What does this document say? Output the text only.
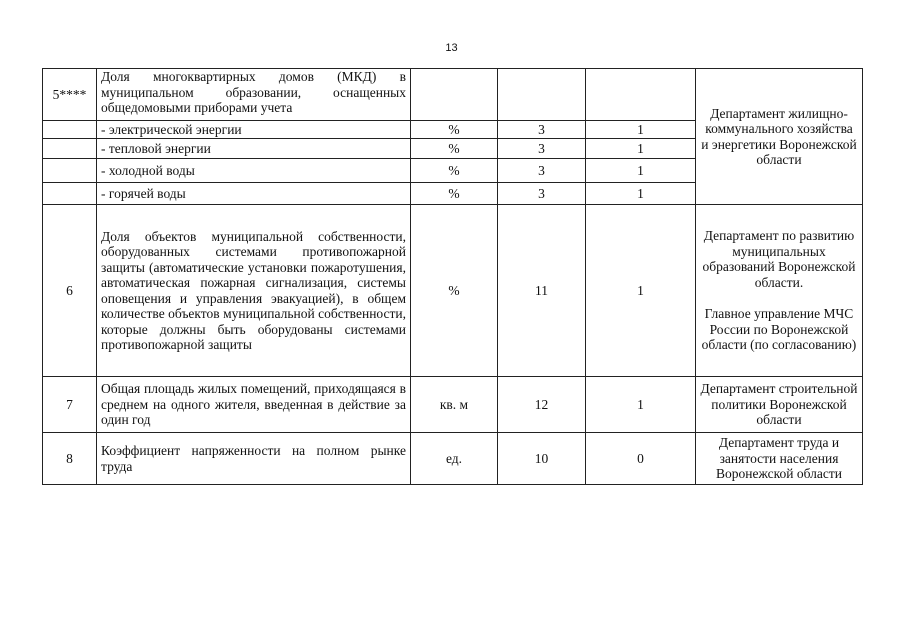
13
5****	Доля многоквартирных домов (МКД) в муниципальном образовании, оснащенных общедомовыми приборами учета				Департамент жилищно-коммунального хозяйства и энергетики Воронежской области
	- электрической энергии	%	3	1	
	- тепловой энергии	%	3	1	
	- холодной воды	%	3	1	
	- горячей воды	%	3	1	
6	Доля объектов муниципальной собственности, оборудованных системами противопожарной защиты (автоматические установки пожаротушения, автоматическая пожарная сигнализация, системы оповещения и управления эвакуацией), в общем количестве объектов муниципальной собственности, которые должны быть оборудованы системами противопожарной защиты	%	11	1	Департамент по развитию муниципальных образований Воронежской области.
Главное управление МЧС России по Воронежской области (по согласованию)

7	Общая площадь жилых помещений, приходящаяся в среднем на одного жителя, введенная в действие за один год	кв. м	12	1	Департамент строительной политики Воронежской области
8	Коэффициент напряженности на полном рынке труда	ед.	10	0	Департамент труда и занятости населения Воронежской области
